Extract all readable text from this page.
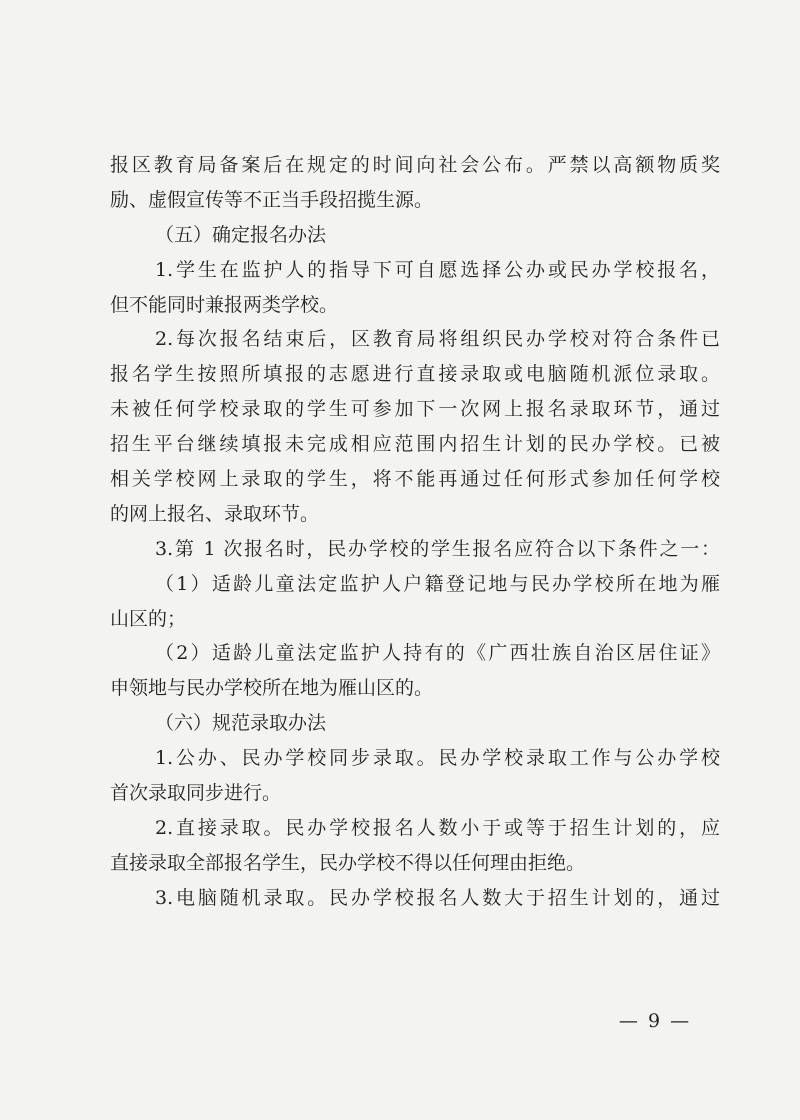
报区教育局备案后在规定的时间向社会公布。严禁以高额物质奖
励、虚假宣传等不正当手段招揽生源。
（五）确定报名办法
1.学生在监护人的指导下可自愿选择公办或民办学校报名，
但不能同时兼报两类学校。
2.每次报名结束后，区教育局将组织民办学校对符合条件已
报名学生按照所填报的志愿进行直接录取或电脑随机派位录取。
未被任何学校录取的学生可参加下一次网上报名录取环节，通过
招生平台继续填报未完成相应范围内招生计划的民办学校。已被
相关学校网上录取的学生，将不能再通过任何形式参加任何学校
的网上报名、录取环节。
3.第 1 次报名时，民办学校的学生报名应符合以下条件之一：
（1）适龄儿童法定监护人户籍登记地与民办学校所在地为雁
山区的；
（2）适龄儿童法定监护人持有的《广西壮族自治区居住证》
申领地与民办学校所在地为雁山区的。
（六）规范录取办法
1.公办、民办学校同步录取。民办学校录取工作与公办学校
首次录取同步进行。
2.直接录取。民办学校报名人数小于或等于招生计划的，应
直接录取全部报名学生，民办学校不得以任何理由拒绝。
3.电脑随机录取。民办学校报名人数大于招生计划的，通过
— 9 —
